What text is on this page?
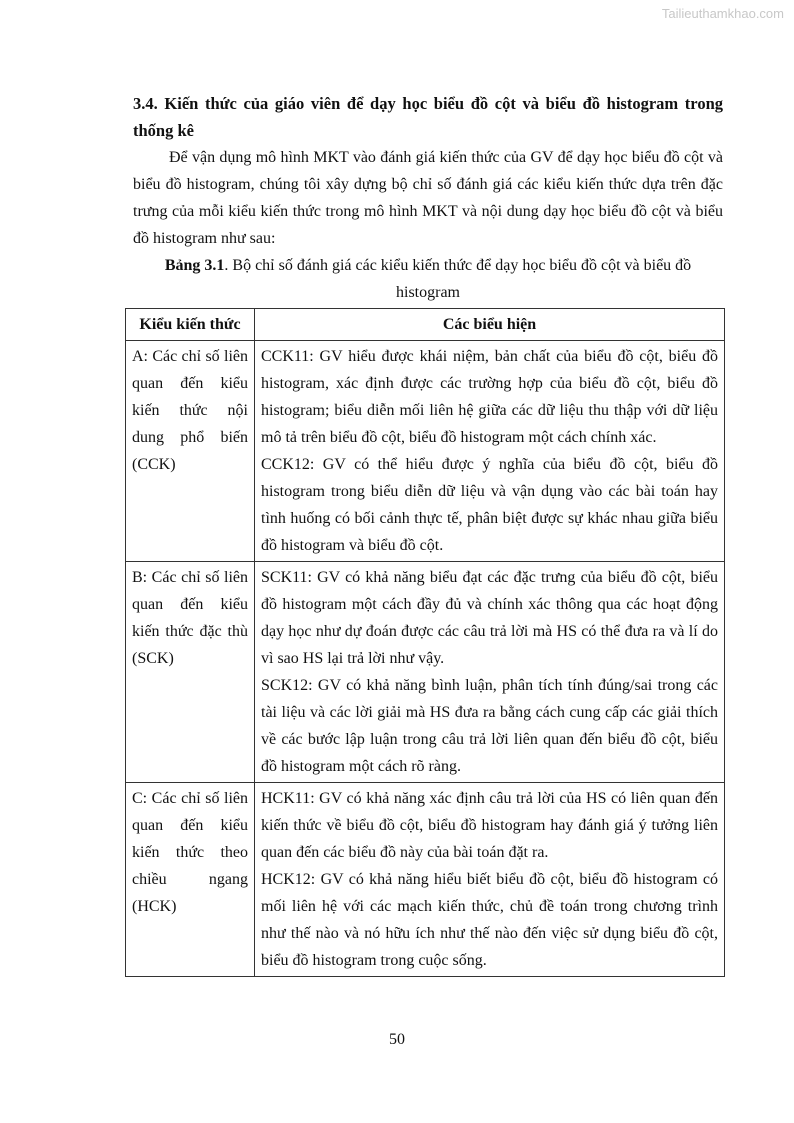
Tailieuthamkhao.com

3.4. Kiến thức của giáo viên để dạy học biểu đồ cột và biểu đồ histogram trong thống kê

Để vận dụng mô hình MKT vào đánh giá kiến thức của GV để dạy học biểu đồ cột và biểu đồ histogram, chúng tôi xây dựng bộ chỉ số đánh giá các kiểu kiến thức dựa trên đặc trưng của mỗi kiểu kiến thức trong mô hình MKT và nội dung dạy học biểu đồ cột và biểu đồ histogram như sau:

Bảng 3.1. Bộ chỉ số đánh giá các kiểu kiến thức để dạy học biểu đồ cột và biểu đồ histogram

Kiểu kiến thức	Các biểu hiện
A: Các chỉ số liên quan đến kiểu kiến thức nội dung phổ biến (CCK)	CCK11: GV hiểu được khái niệm, bản chất của biểu đồ cột, biểu đồ histogram, xác định được các trường hợp của biểu đồ cột, biểu đồ histogram; biểu diễn mối liên hệ giữa các dữ liệu thu thập với dữ liệu mô tả trên biểu đồ cột, biểu đồ histogram một cách chính xác.
CCK12: GV có thể hiểu được ý nghĩa của biểu đồ cột, biểu đồ histogram trong biểu diễn dữ liệu và vận dụng vào các bài toán hay tình huống có bối cảnh thực tế, phân biệt được sự khác nhau giữa biểu đồ histogram và biểu đồ cột.

B: Các chỉ số liên quan đến kiểu kiến thức đặc thù (SCK)	SCK11: GV có khả năng biểu đạt các đặc trưng của biểu đồ cột, biểu đồ histogram một cách đầy đủ và chính xác thông qua các hoạt động dạy học như dự đoán được các câu trả lời mà HS có thể đưa ra và lí do vì sao HS lại trả lời như vậy.
SCK12: GV có khả năng bình luận, phân tích tính đúng/sai trong các tài liệu và các lời giải mà HS đưa ra bằng cách cung cấp các giải thích về các bước lập luận trong câu trả lời liên quan đến biểu đồ cột, biểu đồ histogram một cách rõ ràng.

C: Các chỉ số liên quan đến kiểu kiến thức theo chiều ngang (HCK)	HCK11: GV có khả năng xác định câu trả lời của HS có liên quan đến kiến thức về biểu đồ cột, biểu đồ histogram hay đánh giá ý tưởng liên quan đến các biểu đồ này của bài toán đặt ra.
HCK12: GV có khả năng hiểu biết biểu đồ cột, biểu đồ histogram có mối liên hệ với các mạch kiến thức, chủ đề toán trong chương trình như thế nào và nó hữu ích như thế nào đến việc sử dụng biểu đồ cột, biểu đồ histogram trong cuộc sống.
50
